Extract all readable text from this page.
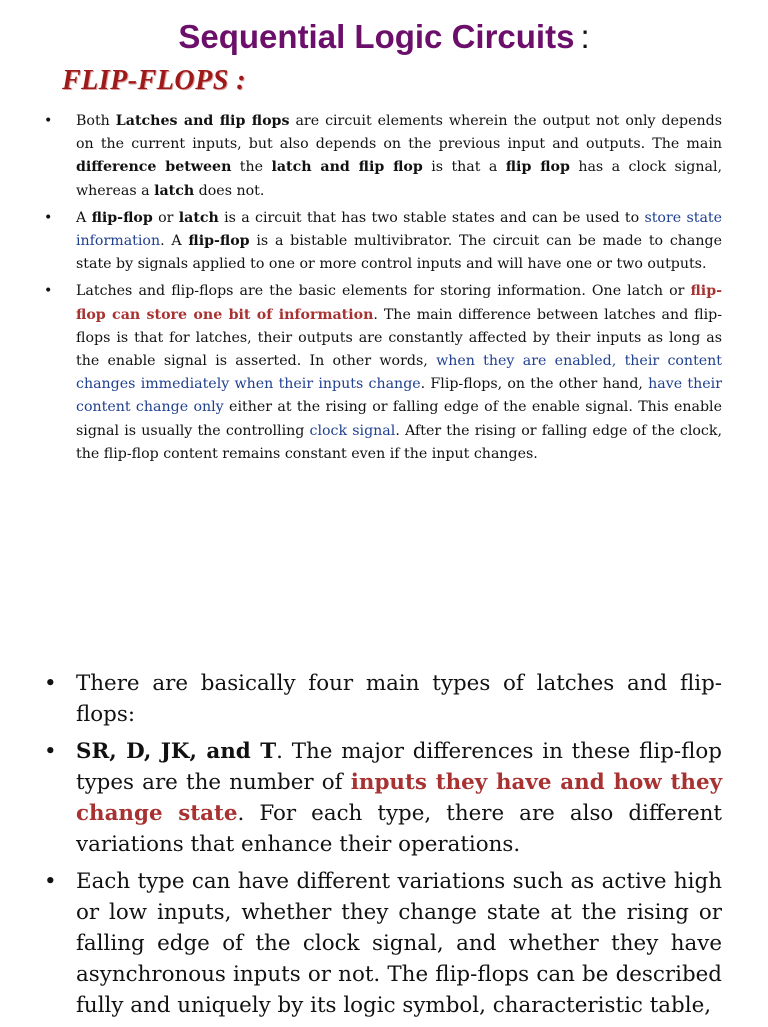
Sequential Logic Circuits :
FLIP-FLOPS :
• Both Latches and flip flops are circuit elements wherein the output not only depends on the current inputs, but also depends on the previous input and outputs. The main difference between the latch and flip flop is that a flip flop has a clock signal, whereas a latch does not.
• A flip-flop or latch is a circuit that has two stable states and can be used to store state information. A flip-flop is a bistable multivibrator. The circuit can be made to change state by signals applied to one or more control inputs and will have one or two outputs.
• Latches and flip-flops are the basic elements for storing information. One latch or flip-flop can store one bit of information. The main difference between latches and flip-flops is that for latches, their outputs are constantly affected by their inputs as long as the enable signal is asserted. In other words, when they are enabled, their content changes immediately when their inputs change. Flip-flops, on the other hand, have their content change only either at the rising or falling edge of the enable signal. This enable signal is usually the controlling clock signal. After the rising or falling edge of the clock, the flip-flop content remains constant even if the input changes.
• There are basically four main types of latches and flip-flops:
• SR, D, JK, and T. The major differences in these flip-flop types are the number of inputs they have and how they change state. For each type, there are also different variations that enhance their operations.
• Each type can have different variations such as active high or low inputs, whether they change state at the rising or falling edge of the clock signal, and whether they have asynchronous inputs or not. The flip-flops can be described fully and uniquely by its logic symbol, characteristic table,
